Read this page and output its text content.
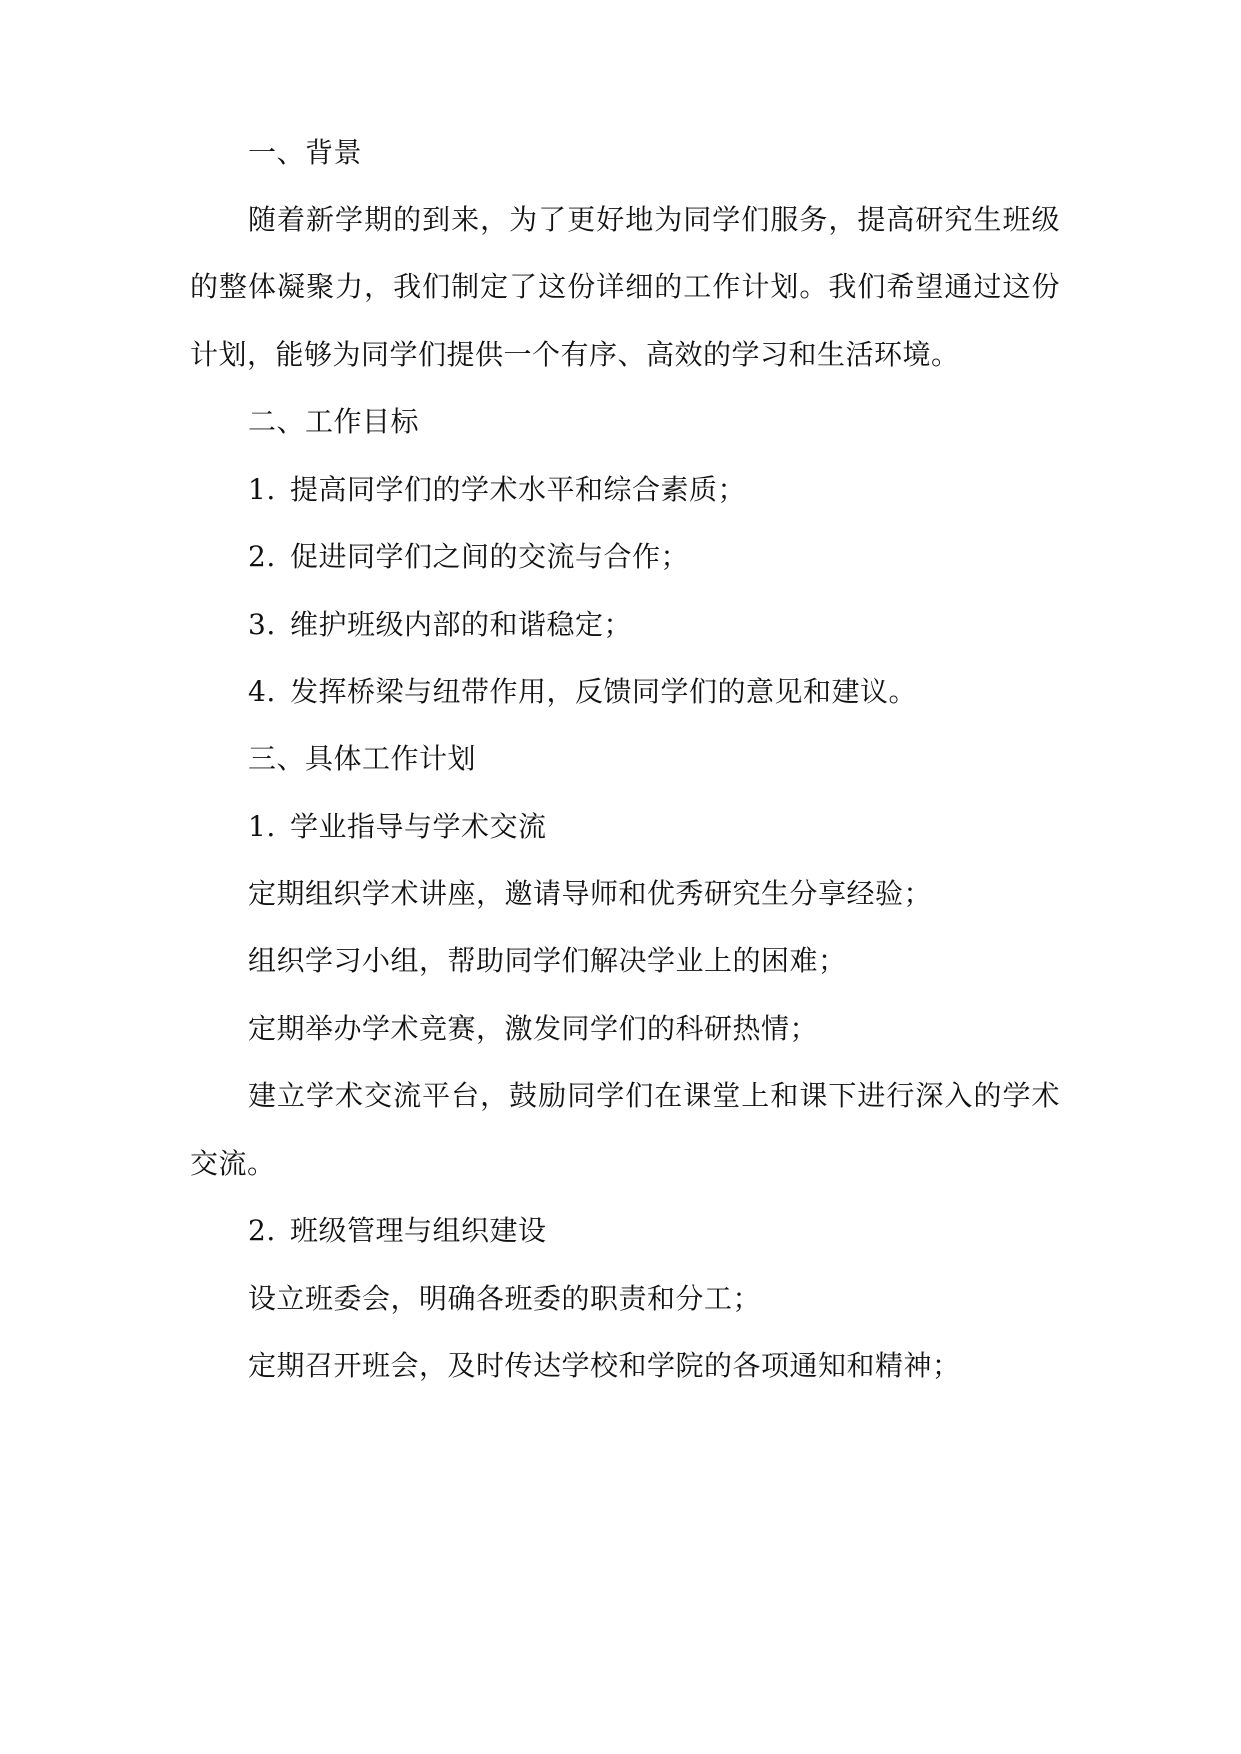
一、背景
随着新学期的到来，为了更好地为同学们服务，提高研究生班级
的整体凝聚力，我们制定了这份详细的工作计划。我们希望通过这份
计划，能够为同学们提供一个有序、高效的学习和生活环境。
二、工作目标
1. 提高同学们的学术水平和综合素质；
2. 促进同学们之间的交流与合作；
3. 维护班级内部的和谐稳定；
4. 发挥桥梁与纽带作用，反馈同学们的意见和建议。
三、具体工作计划
1. 学业指导与学术交流
定期组织学术讲座，邀请导师和优秀研究生分享经验；
组织学习小组，帮助同学们解决学业上的困难；
定期举办学术竞赛，激发同学们的科研热情；
建立学术交流平台，鼓励同学们在课堂上和课下进行深入的学术
交流。
2. 班级管理与组织建设
设立班委会，明确各班委的职责和分工；
定期召开班会，及时传达学校和学院的各项通知和精神；
